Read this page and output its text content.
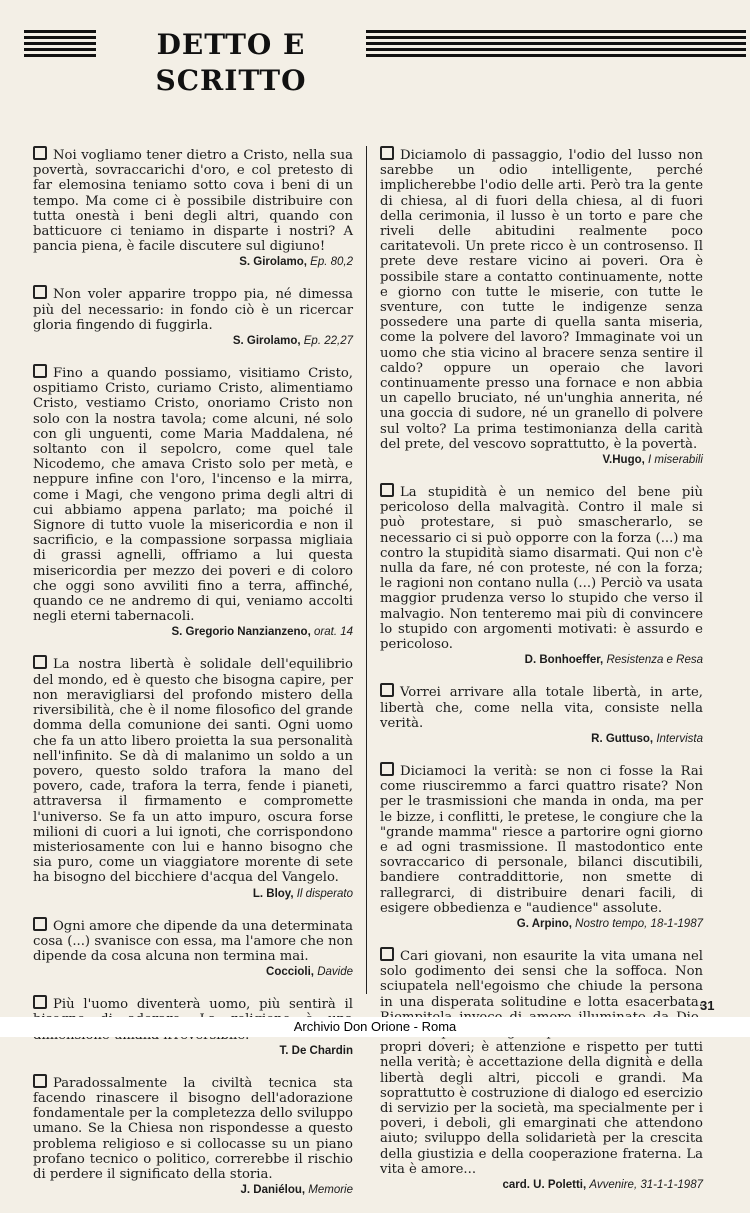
DETTO E SCRITTO

Noi vogliamo tener dietro a Cristo, nella sua povertà, sovraccarichi d'oro, e col pretesto di far elemosina teniamo sotto cova i beni di un tempo. Ma come ci è possibile distribuire con tutta onestà i beni degli altri, quando con batticuore ci teniamo in disparte i nostri? A pancia piena, è facile discutere sul digiuno!

S. Girolamo, Ep. 80,2

Non voler apparire troppo pia, né dimessa più del necessario: in fondo ciò è un ricercar gloria fingendo di fuggirla.

S. Girolamo, Ep. 22,27

Fino a quando possiamo, visitiamo Cristo, ospitiamo Cristo, curiamo Cristo, alimentiamo Cristo, vestiamo Cristo, onoriamo Cristo non solo con la nostra tavola; come alcuni, né solo con gli unguenti, come Maria Maddalena, né soltanto con il sepolcro, come quel tale Nicodemo, che amava Cristo solo per metà, e neppure infine con l'oro, l'incenso e la mirra, come i Magi, che vengono prima degli altri di cui abbiamo appena parlato; ma poiché il Signore di tutto vuole la misericordia e non il sacrificio, e la compassione sorpassa migliaia di grassi agnelli, offriamo a lui questa misericordia per mezzo dei poveri e di coloro che oggi sono avviliti fino a terra, affinché, quando ce ne andremo di qui, veniamo accolti negli eterni tabernacoli.

S. Gregorio Nanzianzeno, orat. 14

La nostra libertà è solidale dell'equilibrio del mondo, ed è questo che bisogna capire, per non meravigliarsi del profondo mistero della riversibilità, che è il nome filosofico del grande domma della comunione dei santi. Ogni uomo che fa un atto libero proietta la sua personalità nell'infinito. Se dà di malanimo un soldo a un povero, questo soldo trafora la mano del povero, cade, trafora la terra, fende i pianeti, attraversa il firmamento e compromette l'universo. Se fa un atto impuro, oscura forse milioni di cuori a lui ignoti, che corrispondono misteriosamente con lui e hanno bisogno che sia puro, come un viaggiatore morente di sete ha bisogno del bicchiere d'acqua del Vangelo.

L. Bloy, Il disperato

Ogni amore che dipende da una determinata cosa (...) svanisce con essa, ma l'amore che non dipende da cosa alcuna non termina mai.

Coccioli, Davide

Più l'uomo diventerà uomo, più sentirà il

T. De Chardin

Paradossalmente la civiltà tecnica sta facendo rinascere il bisogno dell'adorazione fondamentale per la completezza dello sviluppo umano. Se la Chiesa non rispondesse a questo problema religioso e si collocasse su un piano profano tecnico o politico, correrebbe il rischio di perdere il significato della storia.

J. Daniélou, Memorie

Diciamolo di passaggio, l'odio del lusso non sarebbe un odio intelligente, perché implicherebbe l'odio delle arti. Però tra la gente di chiesa, al di fuori della chiesa, al di fuori della cerimonia, il lusso è un torto e pare che riveli delle abitudini realmente poco caritatevoli. Un prete ricco è un controsenso. Il prete deve restare vicino ai poveri. Ora è possibile stare a contatto continuamente, notte e giorno con tutte le miserie, con tutte le sventure, con tutte le indigenze senza possedere una parte di quella santa miseria, come la polvere del lavoro? Immaginate voi un uomo che stia vicino al bracere senza sentire il caldo? oppure un operaio che lavori continuamente presso una fornace e non abbia un capello bruciato, né un'unghia annerita, né una goccia di sudore, né un granello di polvere sul volto? La prima testimonianza della carità del prete, del vescovo soprattutto, è la povertà.

V.Hugo, I miserabili

La stupidità è un nemico del bene più pericoloso della malvagità. Contro il male si può protestare, si può smascherarlo, se necessario ci si può opporre con la forza (...) ma contro la stupidità siamo disarmati. Qui non c'è nulla da fare, né con proteste, né con la forza; le ragioni non contano nulla (...) Perciò va usata maggior prudenza verso lo stupido che verso il malvagio. Non tenteremo mai più di convincere lo stupido con argomenti motivati: è assurdo e pericoloso.

D. Bonhoeffer, Resistenza e Resa

Vorrei arrivare alla totale libertà, in arte, libertà che, come nella vita, consiste nella verità.

R. Guttuso, Intervista

Diciamoci la verità: se non ci fosse la Rai come riusciremmo a farci quattro risate? Non per le trasmissioni che manda in onda, ma per le bizze, i conflitti, le pretese, le congiure che la "grande mamma" riesce a partorire ogni giorno e ad ogni trasmissione. Il mastodontico ente sovraccarico di personale, bilanci discutibili, bandiere contraddittorie, non smette di rallegrarci, di distribuire denari facili, di esigere obbedienza e "audience" assolute.

G. Arpino, Nostro tempo, 18-1-1987

Cari giovani, non esaurite la vita umana nel solo godimento dei sensi che la soffoca. Non sciupatela nell'egoismo che chiude la persona in una disperata solitudine e lotta esacerbata. propri doveri; è attenzione e rispetto per tutti nella verità; è accettazione della dignità e della libertà degli altri, piccoli e grandi. Ma soprattutto è costruzione di dialogo ed esercizio di servizio per la società, ma specialmente per i poveri, i deboli, gli emarginati che attendono aiuto; sviluppo della solidarietà per la crescita della giustizia e della cooperazione fraterna. La vita è amore...

card. U. Poletti, Avvenire, 31-1-1-1987
31
Archivio Don Orione - Roma
